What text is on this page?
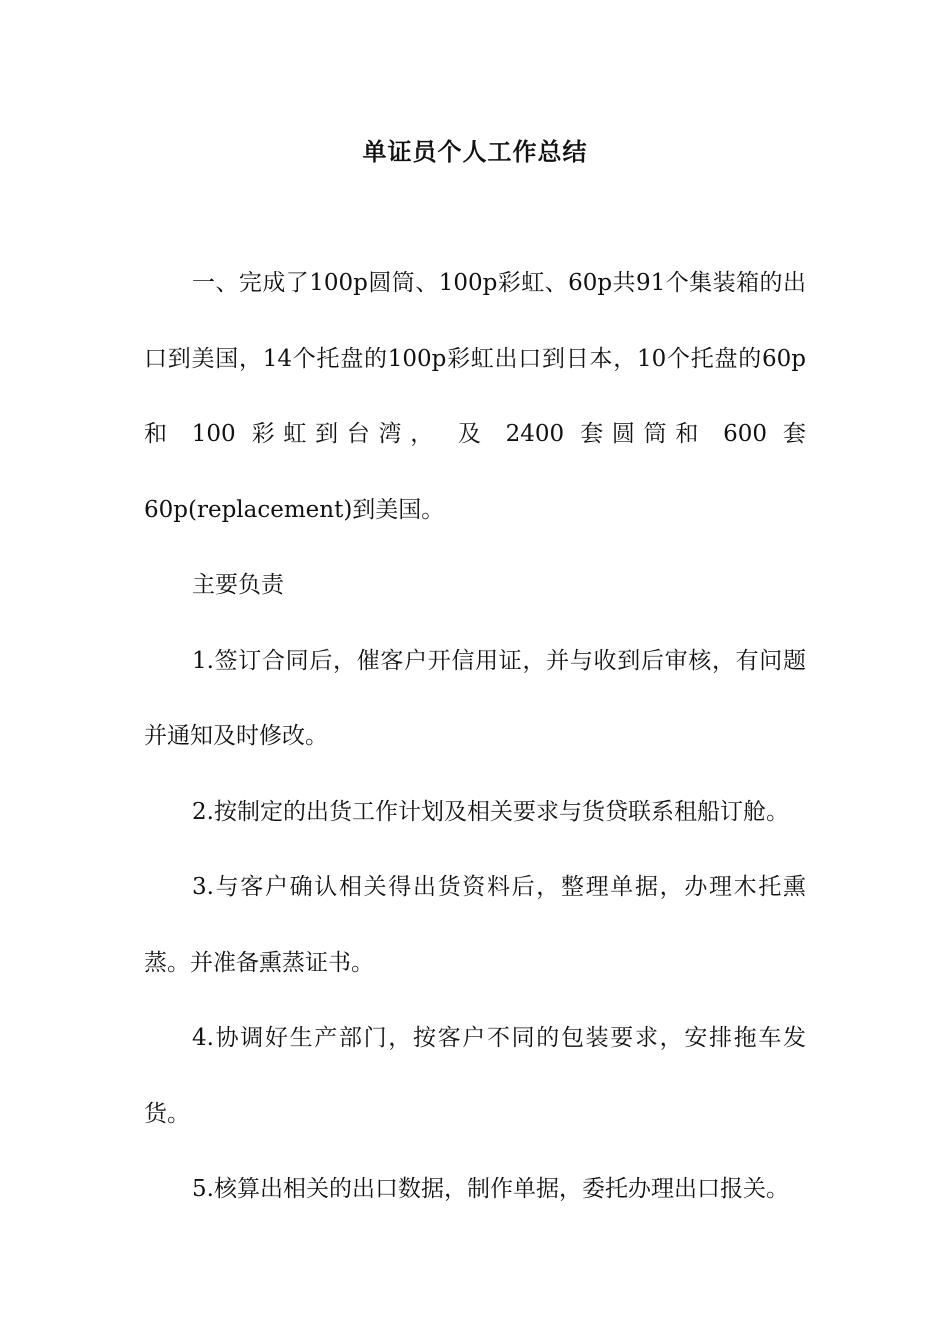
单证员个人工作总结

一、完成了100p圆筒、100p彩虹、60p共91个集装箱的出口到美国，14个托盘的100p彩虹出口到日本，10个托盘的60p 和 100 彩虹到台湾， 及 2400 套圆筒和 600 套60p(replacement)到美国。

主要负责

1.签订合同后，催客户开信用证，并与收到后审核，有问题并通知及时修改。

2.按制定的出货工作计划及相关要求与货贷联系租船订舱。

3.与客户确认相关得出货资料后，整理单据，办理木托熏蒸。并准备熏蒸证书。

4.协调好生产部门，按客户不同的包装要求，安排拖车发货。

5.核算出相关的出口数据，制作单据，委托办理出口报关。
